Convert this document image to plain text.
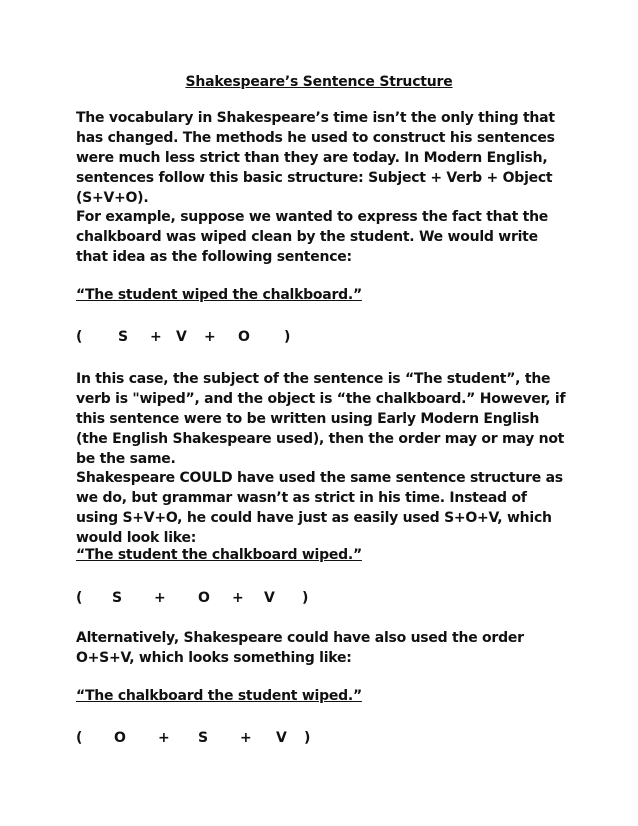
Shakespeare’s Sentence Structure

The vocabulary in Shakespeare’s time isn’t the only thing that has changed. The methods he used to construct his sentences were much less strict than they are today. In Modern English, sentences follow this basic structure: Subject + Verb + Object (S+V+O).

For example, suppose we wanted to express the fact that the chalkboard was wiped clean by the student. We would write that idea as the following sentence:

“The student wiped the chalkboard.”

(	S + V + O )

In this case, the subject of the sentence is “The student”, the verb is "wiped”, and the object is “the chalkboard.” However, if this sentence were to be written using Early Modern English (the English Shakespeare used), then the order may or may not be the same.

Shakespeare COULD have used the same sentence structure as we do, but grammar wasn’t as strict in his time. Instead of using S+V+O, he could have just as easily used S+O+V, which would look like:

“The student the chalkboard wiped.”

( S + O + V )

Alternatively, Shakespeare could have also used the order O+S+V, which looks something like:

“The chalkboard the student wiped.”

( O + S + V )
